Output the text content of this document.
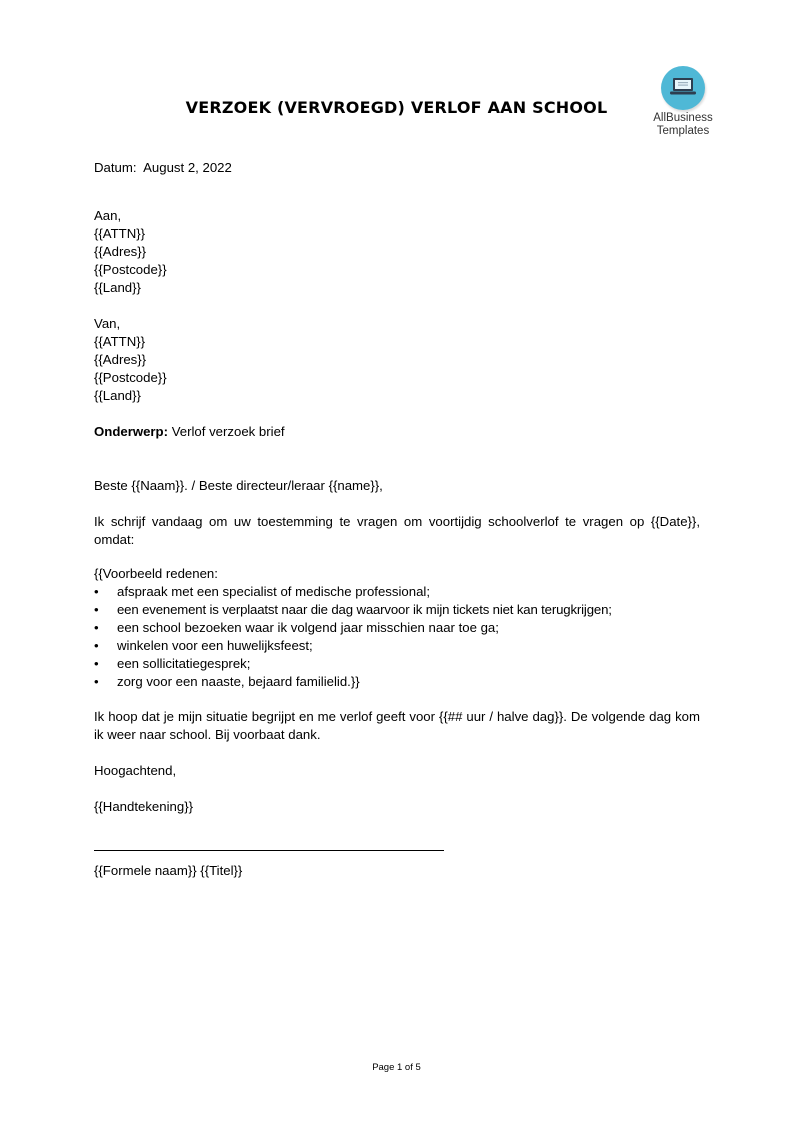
AllBusiness
Templates
VERZOEK (VERVROEGD) VERLOF AAN SCHOOL
Datum: August 2, 2022
Aan,
{{ATTN}}
{{Adres}}
{{Postcode}}
{{Land}}
Van,
{{ATTN}}
{{Adres}}
{{Postcode}}
{{Land}}
Onderwerp: Verlof verzoek brief
Beste {{Naam}}. / Beste directeur/leraar {{name}},
Ik schrijf vandaag om uw toestemming te vragen om voortijdig schoolverlof te vragen op {{Date}}, omdat:
{{Voorbeeld redenen:
• afspraak met een specialist of medische professional;
• een evenement is verplaatst naar die dag waarvoor ik mijn tickets niet kan terugkrijgen;
• een school bezoeken waar ik volgend jaar misschien naar toe ga;
• winkelen voor een huwelijksfeest;
• een sollicitatiegesprek;
• zorg voor een naaste, bejaard familielid.}}
Ik hoop dat je mijn situatie begrijpt en me verlof geeft voor {{## uur / halve dag}}. De volgende dag kom ik weer naar school. Bij voorbaat dank.
Hoogachtend,
{{Handtekening}}
{{Formele naam}} {{Titel}}
Page 1 of 5
